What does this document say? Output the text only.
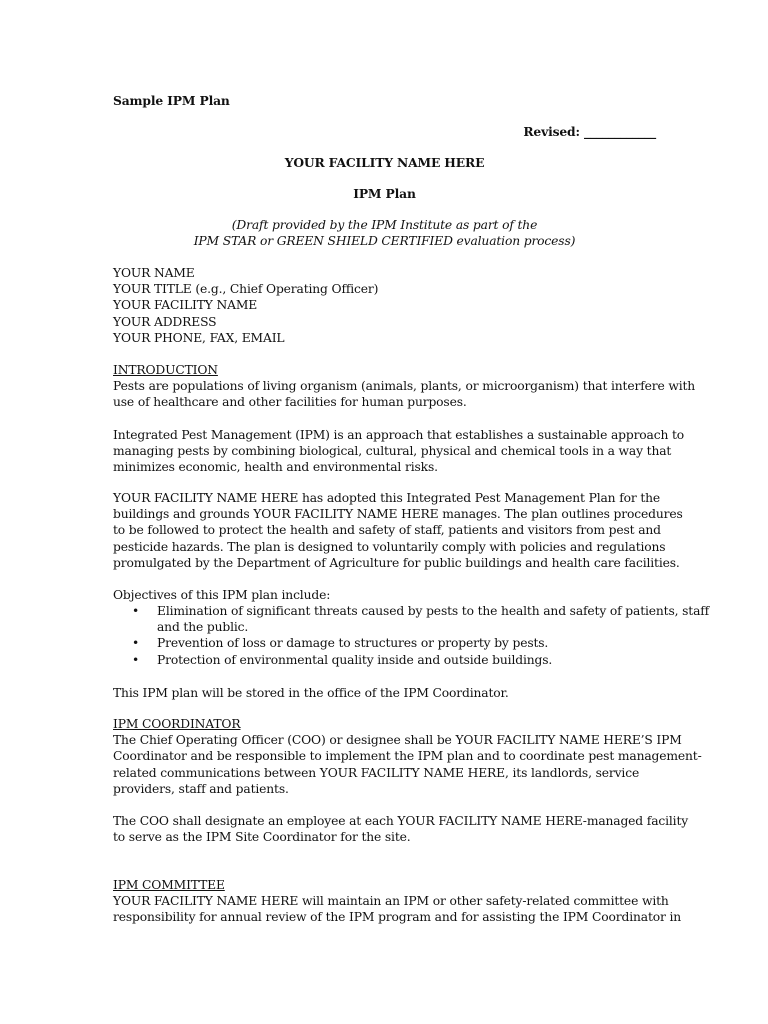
Sample IPM Plan

Revised: ____________

YOUR FACILITY NAME HERE

IPM Plan

(Draft provided by the IPM Institute as part of the

IPM STAR or GREEN SHIELD CERTIFIED evaluation process)

YOUR NAME

YOUR TITLE (e.g., Chief Operating Officer)

YOUR FACILITY NAME

YOUR ADDRESS

YOUR PHONE, FAX, EMAIL

INTRODUCTION

Pests are populations of living organism (animals, plants, or microorganism) that interfere with

use of healthcare and other facilities for human purposes.

Integrated Pest Management (IPM) is an approach that establishes a sustainable approach to

managing pests by combining biological, cultural, physical and chemical tools in a way that

minimizes economic, health and environmental risks.

YOUR FACILITY NAME HERE has adopted this Integrated Pest Management Plan for the

buildings and grounds YOUR FACILITY NAME HERE manages. The plan outlines procedures

to be followed to protect the health and safety of staff, patients and visitors from pest and

pesticide hazards. The plan is designed to voluntarily comply with policies and regulations

promulgated by the Department of Agriculture for public buildings and health care facilities.

Objectives of this IPM plan include:

• Elimination of significant threats caused by pests to the health and safety of patients, staff

and the public.

• Prevention of loss or damage to structures or property by pests.

• Protection of environmental quality inside and outside buildings.

This IPM plan will be stored in the office of the IPM Coordinator.

IPM COORDINATOR

The Chief Operating Officer (COO) or designee shall be YOUR FACILITY NAME HERE’S IPM

Coordinator and be responsible to implement the IPM plan and to coordinate pest management-

related communications between YOUR FACILITY NAME HERE, its landlords, service

providers, staff and patients.

The COO shall designate an employee at each YOUR FACILITY NAME HERE-managed facility

to serve as the IPM Site Coordinator for the site.

IPM COMMITTEE

YOUR FACILITY NAME HERE will maintain an IPM or other safety-related committee with

responsibility for annual review of the IPM program and for assisting the IPM Coordinator in
